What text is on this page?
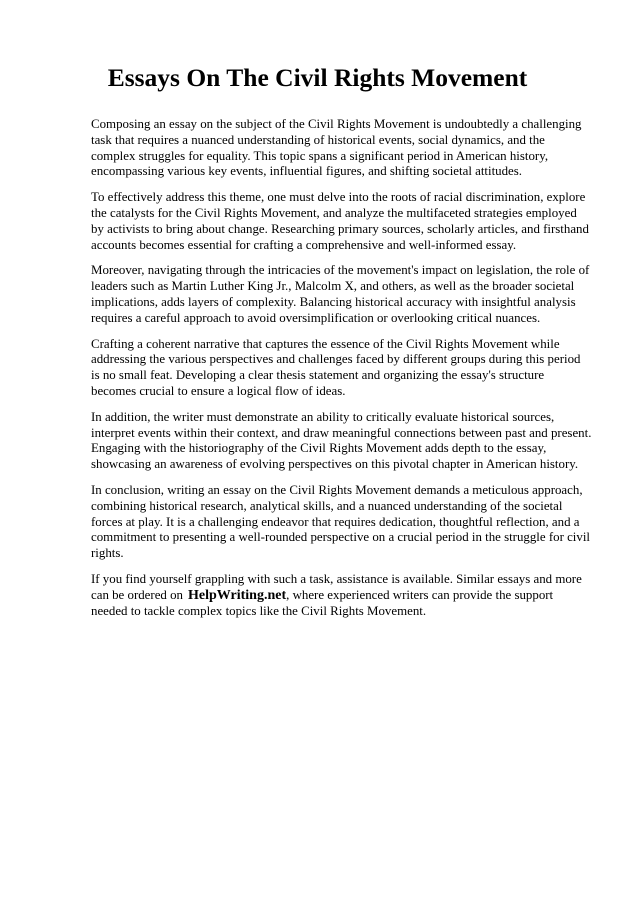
Essays On The Civil Rights Movement

Composing an essay on the subject of the Civil Rights Movement is undoubtedly a challenging task that requires a nuanced understanding of historical events, social dynamics, and the complex struggles for equality. This topic spans a significant period in American history, encompassing various key events, influential figures, and shifting societal attitudes.

To effectively address this theme, one must delve into the roots of racial discrimination, explore the catalysts for the Civil Rights Movement, and analyze the multifaceted strategies employed by activists to bring about change. Researching primary sources, scholarly articles, and firsthand accounts becomes essential for crafting a comprehensive and well-informed essay.

Moreover, navigating through the intricacies of the movement's impact on legislation, the role of leaders such as Martin Luther King Jr., Malcolm X, and others, as well as the broader societal implications, adds layers of complexity. Balancing historical accuracy with insightful analysis requires a careful approach to avoid oversimplification or overlooking critical nuances.

Crafting a coherent narrative that captures the essence of the Civil Rights Movement while addressing the various perspectives and challenges faced by different groups during this period is no small feat. Developing a clear thesis statement and organizing the essay's structure becomes crucial to ensure a logical flow of ideas.

In addition, the writer must demonstrate an ability to critically evaluate historical sources, interpret events within their context, and draw meaningful connections between past and present. Engaging with the historiography of the Civil Rights Movement adds depth to the essay, showcasing an awareness of evolving perspectives on this pivotal chapter in American history.

In conclusion, writing an essay on the Civil Rights Movement demands a meticulous approach, combining historical research, analytical skills, and a nuanced understanding of the societal forces at play. It is a challenging endeavor that requires dedication, thoughtful reflection, and a commitment to presenting a well-rounded perspective on a crucial period in the struggle for civil rights.

If you find yourself grappling with such a task, assistance is available. Similar essays and more can be ordered on HelpWriting.net, where experienced writers can provide the support needed to tackle complex topics like the Civil Rights Movement.
